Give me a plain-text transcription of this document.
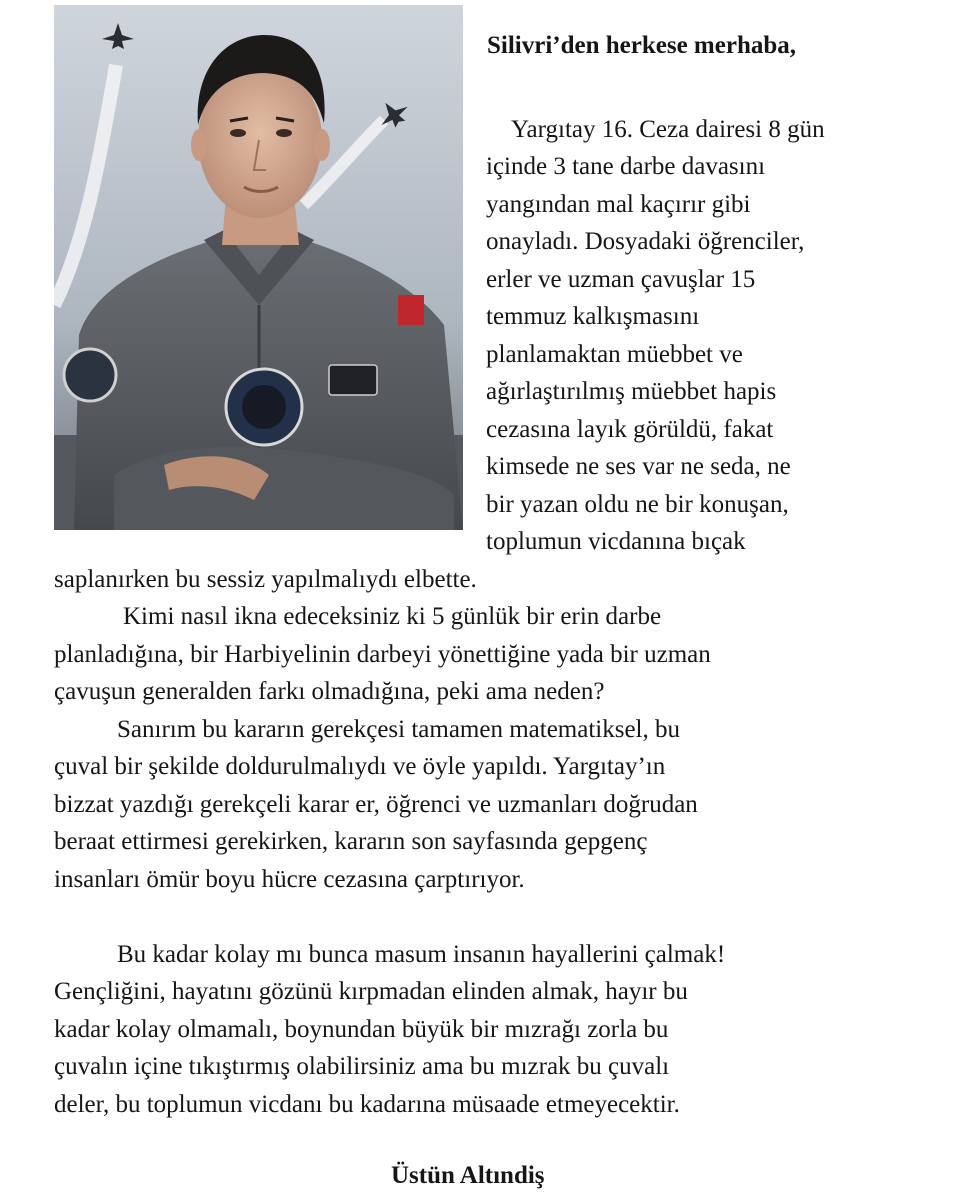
Silivri’den herkese merhaba,
Yargıtay 16. Ceza dairesi 8 gün
içinde 3 tane darbe davasını
yangından mal kaçırır gibi
onayladı. Dosyadaki öğrenciler,
erler ve uzman çavuşlar 15
temmuz kalkışmasını
planlamaktan müebbet ve
ağırlaştırılmış müebbet hapis
cezasına layık görüldü, fakat
kimsede ne ses var ne seda, ne
bir yazan oldu ne bir konuşan,
toplumun vicdanına bıçak
saplanırken bu sessiz yapılmalıydı elbette.
Kimi nasıl ikna edeceksiniz ki 5 günlük bir erin darbe
planladığına, bir Harbiyelinin darbeyi yönettiğine yada bir uzman
çavuşun generalden farkı olmadığına, peki ama neden?
Sanırım bu kararın gerekçesi tamamen matematiksel, bu
çuval bir şekilde doldurulmalıydı ve öyle yapıldı. Yargıtay’ın
bizzat yazdığı gerekçeli karar er, öğrenci ve uzmanları doğrudan
beraat ettirmesi gerekirken, kararın son sayfasında gepgenç
insanları ömür boyu hücre cezasına çarptırıyor.
Bu kadar kolay mı bunca masum insanın hayallerini çalmak!
Gençliğini, hayatını gözünü kırpmadan elinden almak, hayır bu
kadar kolay olmamalı, boynundan büyük bir mızrağı zorla bu
çuvalın içine tıkıştırmış olabilirsiniz ama bu mızrak bu çuvalı
deler, bu toplumun vicdanı bu kadarına müsaade etmeyecektir.
Üstün Altındiş
